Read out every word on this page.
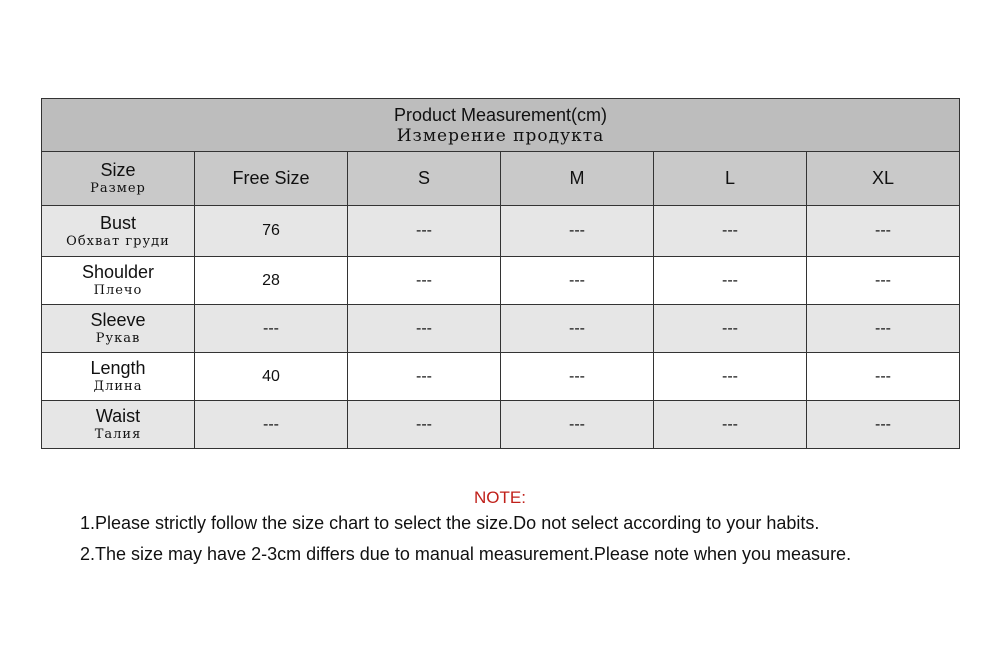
Product Measurement(cm)
Измерение продукта					

Size
Размер	Free Size	S	M	L	XL

Bust
Обхват груди	76	---	---	---	---

Shoulder
Плечо	28	---	---	---	---

Sleeve
Рукав	---	---	---	---	---

Length
Длина	40	---	---	---	---

Waist
Талия	---	---	---	---	---
NOTE:
1.Please strictly follow the size chart to select the size.Do not select according to your habits.
2.The size may have 2-3cm differs due to manual measurement.Please note when you measure.
